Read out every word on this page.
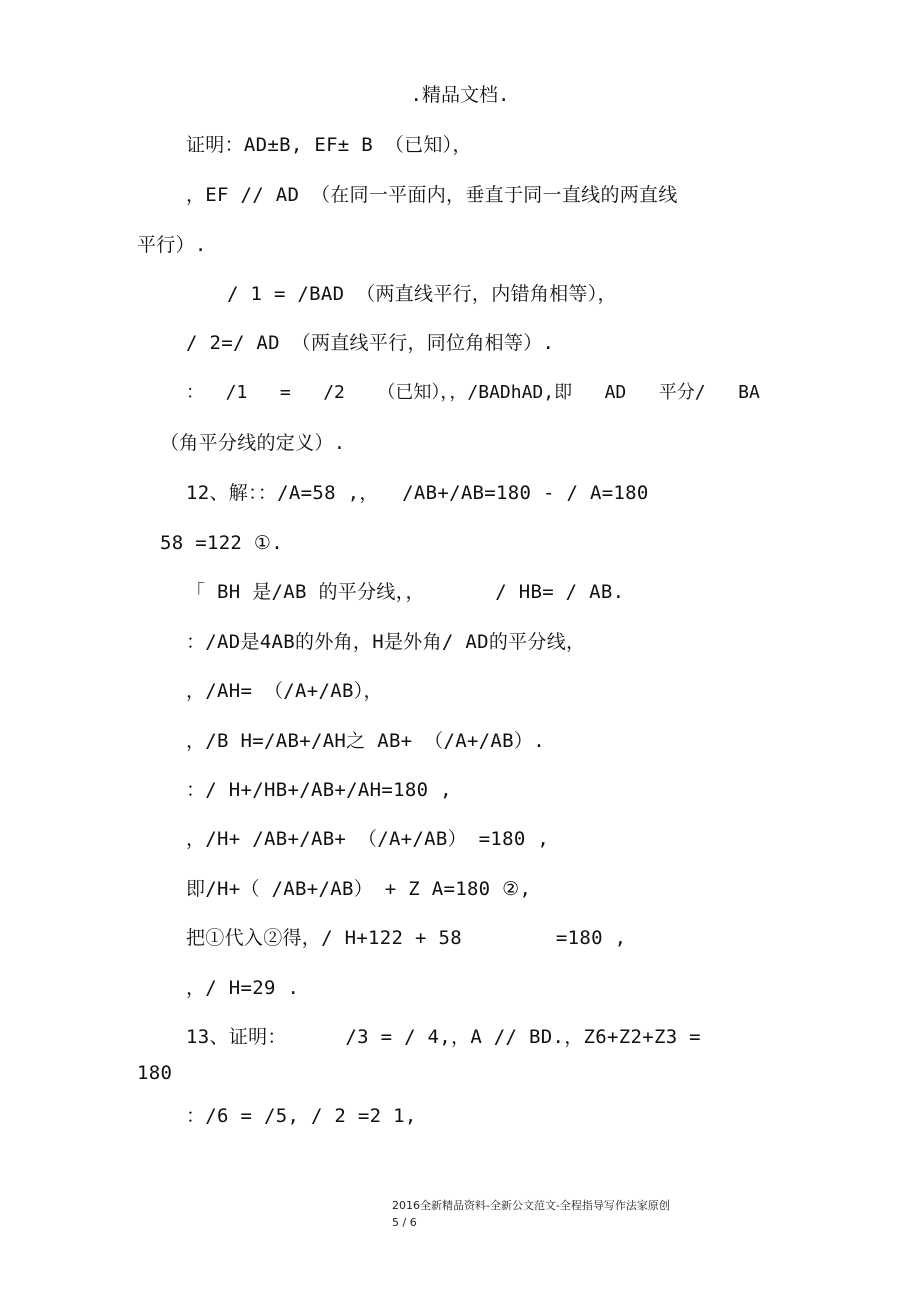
.精品文档.
证明：AD±B, EF± B （已知），
，EF // AD （在同一平面内，垂直于同一直线的两直线
平行）.
/ 1 = /BAD （两直线平行，内错角相等），
/ 2=/ AD （两直线平行，同位角相等）.
：  /1   =   /2   （已知），，/BADhAD,即   AD   平分/   BA
（角平分线的定义）.
12、解：：/A=58 ,，  /AB+/AB=180 - / A=180
58 =122 ①.
「 BH 是/AB 的平分线，，      / HB= / AB.
：/AD是4AB的外角，H是外角/ AD的平分线，
，/AH= （/A+/AB），
，/B H=/AB+/AH之 AB+ （/A+/AB）.
：/ H+/HB+/AB+/AH=180 ,
，/H+ /AB+/AB+ （/A+/AB） =180 ,
即/H+（ /AB+/AB） + Z A=180 ②,
把①代入②得，/ H+122 + 58        =180 ,
，/ H=29 .
13、证明：     /3 = / 4,，A // BD.，Z6+Z2+Z3 =
180
：/6 = /5, / 2 =2 1,
2016全新精品资料-全新公文范文-全程指导写作法家原创
5 / 6
